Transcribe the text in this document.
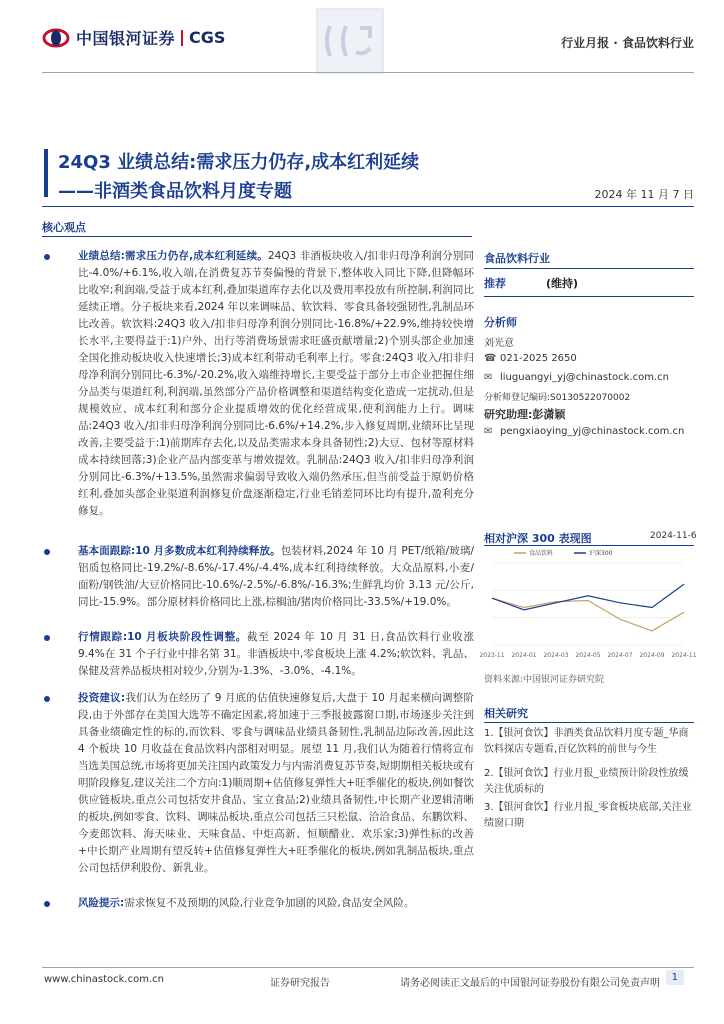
中国银河证券 CGS	行业月报 · 食品饮料行业
24Q3 业绩总结:需求压力仍存,成本红利延续
——非酒类食品饮料月度专题	2024 年 11 月 7 日
核心观点
业绩总结:需求压力仍存,成本红利延续。24Q3 非酒板块收入/扣非归母净利润分别同比-4.0%/+6.1%,收入端,在消费复苏节奏偏慢的背景下,整体收入同比下降,但降幅环比收窄;利润端,受益于成本红利,叠加渠道库存去化以及费用率投放有所控制,利润同比延续正增。分子板块来看,2024 年以来调味品、软饮料、零食具备较强韧性,乳制品环比改善。软饮料:24Q3 收入/扣非归母净利润分别同比-16.8%/+22.9%,维持较快增长水平,主要得益于:1)户外、出行等消费场景需求旺盛贡献增量;2)个别头部企业加速全国化推动板块收入快速增长;3)成本红利带动毛利率上行。零食:24Q3 收入/扣非归母净利润分别同比-6.3%/-20.2%,收入端维持增长,主要受益于部分上市企业把握住细分品类与渠道红利,利润端,虽然部分产品价格调整和渠道结构变化造成一定扰动,但是规模效应、成本红利和部分企业提质增效的优化经营成果,使利润能力上行。调味品:24Q3 收入/扣非归母净利润分别同比-6.6%/+14.2%,步入修复周期,业绩环比呈现改善,主要受益于:1)前期库存去化,以及品类需求本身具备韧性;2)大豆、包材等原材料成本持续回落;3)企业产品内部变革与增效提效。乳制品:24Q3 收入/扣非归母净利润分别同比-6.3%/+13.5%,虽然需求偏弱导致收入端仍然承压,但当前受益于原奶价格红利,叠加头部企业渠道利润修复价盘逐渐稳定,行业毛销差同环比均有提升,盈利充分修复。
基本面跟踪:10 月多数成本红利持续释放。包装材料,2024 年 10 月 PET/纸箱/玻璃/铝质包格同比-19.2%/-8.6%/-17.4%/-4.4%,成本红利持续释放。大众品原料,小麦/面粉/钢铁油/大豆价格同比-10.6%/-2.5%/-6.8%/-16.3%;生鲜乳均价 3.13 元/公斤,同比-15.9%。部分原材料价格同比上涨,棕榈油/猪肉价格同比-33.5%/+19.0%。
行情跟踪:10 月板块阶段性调整。截至 2024 年 10 月 31 日,食品饮料行业收涨 9.4%在 31 个子行业中排名第 31。非酒板块中,零食板块上涨 4.2%;软饮料、乳品、保健及营养品板块相对较少,分别为-1.3%、-3.0%、-4.1%。
投资建议:我们认为在经历了 9 月底的估值快速修复后,大盘于 10 月起来横向调整阶段,由于外部存在美国大选等不确定因素,将加速于三季报披露窗口期,市场逐步关注到具备业绩确定性的标的,而饮料、零食与调味品业绩具备韧性,乳制品边际改善,因此这 4 个板块 10 月收益在食品饮料内部相对明显。展望 11 月,我们认为随着行情将宣布当选美国总统,市场将更加关注国内政策发力与内需消费复苏节奏,短期期相关板块或有明阶段修复,建议关注二个方向:1)顺周期+估值修复弹性大+旺季催化的板块,例如餐饮供应链板块,重点公司包括安井食品、宝立食品;2)业绩具备韧性,中长期产业逻辑清晰的板块,例如零食、饮料、调味品板块,重点公司包括三只松鼠、洽洽食品、东鹏饮料、今麦郎饮料、海天味业、天味食品、中炬高新、恒顺醋业、欢乐家;3)弹性标的改善+中长期产业周期有望反转+估值修复弹性大+旺季催化的板块,例如乳制品板块,重点公司包括伊利股份、新乳业。
风险提示:需求恢复不及预期的风险,行业竞争加剧的风险,食品安全风险。
食品饮料行业
推荐	(维持)
分析师
刘光意
☎ 021-2025 2650
✉ liuguangyi_yj@chinastock.com.cn
分析师登记编码:S0130522070002
研究助理:彭潇颖
✉ pengxiaoying_yj@chinastock.com.cn
相对沪深 300 表现图	2024-11-6
2023-11 2024-01 2024-03 2024-05 2024-07 2024-09 2024-11
食品饮料	沪深300
资料来源:中国银河证券研究院
相关研究
1.【银河食饮】非酒类食品饮料月度专题_华商饮料探店专题看,百亿饮料的前世与今生
2.【银河食饮】行业月报_业绩预计阶段性放缓关注优质标的
3.【银河食饮】行业月报_零食板块底部,关注业绩窗口期
www.chinastock.com.cn	证券研究报告	请务必阅读正文最后的中国银河证券股份有限公司免责声明
1
